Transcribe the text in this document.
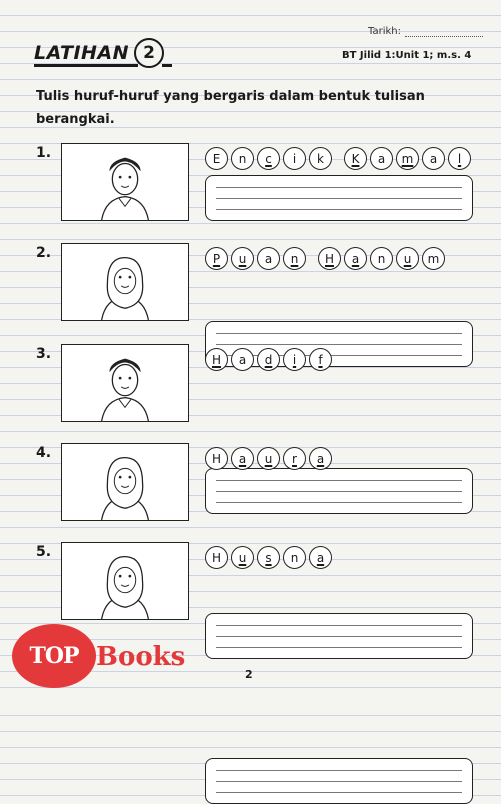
Tarikh:
LATIHAN 2	BT Jilid 1:Unit 1; m.s. 4
Tulis huruf-huruf yang bergaris dalam bentuk tulisan berangkai.
1.	E n c i k K a m a l
2.	P u a n H a n u m
3.	H a d i f
4.	H a u r a
5.	H u s n a
TOP Books
2
